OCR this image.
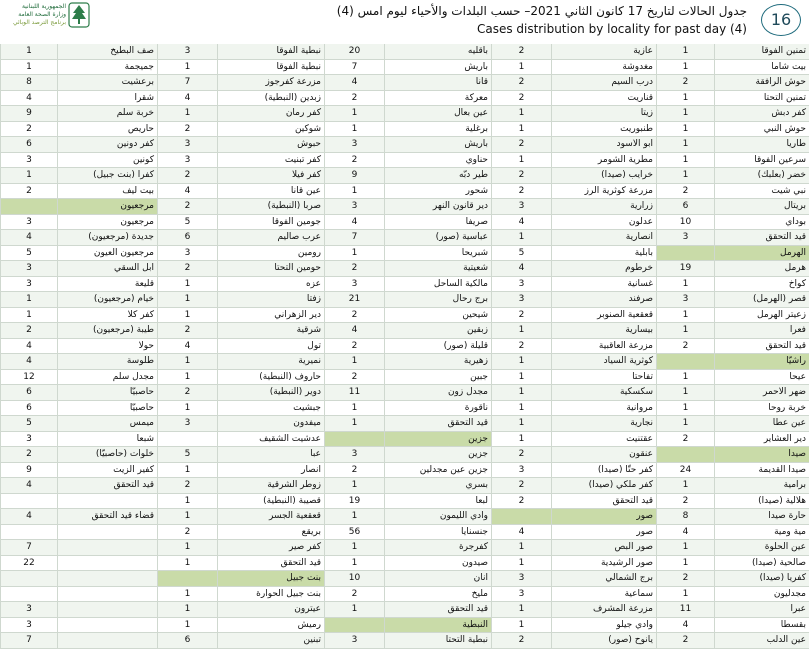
الجمهورية اللبنانية
وزارة الصحة العامة
برنامج الترصد الوبائي
جدول الحالات لتاريخ 17 كانون الثاني 2021– حسب البلدات والأحياء ليوم امس (4)
Cases distribution by locality for past day (4)	16
تمنين الفوقا
1
عازية
2
باقليه
20
نبطية الفوقا
3
صف البطيخ
1
بيت شاما
1
مغدوشة
1
باريش
7
نبطية الفوقا
1
جميجمة
1
حوش الرافقة
2
درب السيم
2
قانا
4
مزرعة كفرجوز
7
برعشيت
8
تمنين التحتا
1
قناريت
2
معركة
2
زبدين (النبطية)
4
شقرا
4
كفر دبش
1
زيتا
1
عين بعال
1
كفر رمان
1
خربة سلم
9
حوش النبي
1
طنبوريت
1
برغلية
1
شوكين
2
حاريص
2
طاريا
1
ابو الاسود
2
باريش
3
حبوش
3
كفر دونين
6
سرعين الفوقا
1
مطرية الشومر
1
حناوي
2
كفر تبنيت
3
كونين
3
خضر (بعلبك)
1
خرايب (صيدا)
2
طير دبّه
9
كفر فيلا
2
كفرا (بنت جبيل)
1
نبي شيت
2
مزرعة كوثرية الرز
2
شحور
1
عين قانا
4
بيت ليف
2
بريتال
6
زرارية
3
دير قانون النهر
3
صربا (النبطية)
2
مرجعيون
بوداي
10
عدلون
4
صريفا
4
جومين الفوقا
5
مرجعيون
3
قيد التحقق
3
انصارية
1
عباسية (صور)
7
عرب صاليم
6
جديدة (مرجعيون)
4
الهرمل
بابلية
5
شبريحا
1
رومين
3
مرجعيون العيون
5
هرمل
19
خرطوم
4
شعيتية
2
حومين التحتا
2
ابل السقي
3
كواخ
1
غسانية
3
مالكية الساحل
3
عزه
1
قليعة
3
قصر (الهرمل)
3
صرفند
3
برج رحال
21
زفتا
1
خيام (مرجعيون)
1
زعيتر الهرمل
1
قعقعية الصنوبر
2
شيحين
2
دير الزهراني
1
كفر كلا
1
فعرا
1
بيسارية
1
زبقين
4
شرقية
2
طيبة (مرجعيون)
2
قيد التحقق
2
مزرعة العاقبية
2
قليلة (صور)
2
تول
4
حولا
4
راشيّا
كوثرية السياد
1
زهيرية
1
نميرية
1
طلوسة
4
عيحا
1
تفاحتا
1
جبين
2
حاروف (النبطية)
1
مجدل سلم
12
ضهر الاحمر
1
سكسكية
1
مجدل زون
11
دوير (النبطية)
2
حاصبيّا
6
خربة روحا
1
مروانية
1
ناقورة
1
جبشيت
1
حاصبيّا
6
عين عطا
1
نجارية
1
قيد التحقق
1
ميفدون
3
ميمس
5
دير العشاير
2
عقتنيت
1
جزين
عدشيت الشقيف
شبعا
3
صيدا
عنقون
2
جزين
3
عبا
5
خلوات (حاصبيّا)
2
صيدا القديمة
24
كفر حتّا (صيدا)
3
جزين عين مجدلين
2
انصار
1
كفير الزيت
9
برامية
1
كفر ملكي (صيدا)
2
بسري
1
زوطر الشرقية
2
قيد التحقق
4
هلالية (صيدا)
2
قيد التحقق
2
لبعا
19
قصيبة (النبطية)
1
حارة صيدا
8
صور
وادي الليمون
1
قعقعية الجسر
1
قضاء قيد التحقق
4
مية ومية
4
صور
4
جنسنايا
56
بريقع
2
عين الحلوة
1
صور البص
1
كفرجرة
1
كفر صير
1
7
صالحية (صيدا)
1
صور الرشيدية
1
صيدون
1
قيد التحقق
1
22
كفريا (صيدا)
2
برج الشمالي
3
انان
10
بنت جبيل
مجدليون
1
سماعية
3
مليخ
2
بنت جبيل الحوارة
1
عبرا
11
مزرعة المشرف
1
قيد التحقق
1
عيترون
1
3
بقسطا
4
وادي جيلو
1
النبطية
رميش
1
3
عين الدلب
2
يانوح (صور)
2
نبطية التحتا
3
تبنين
6
7
